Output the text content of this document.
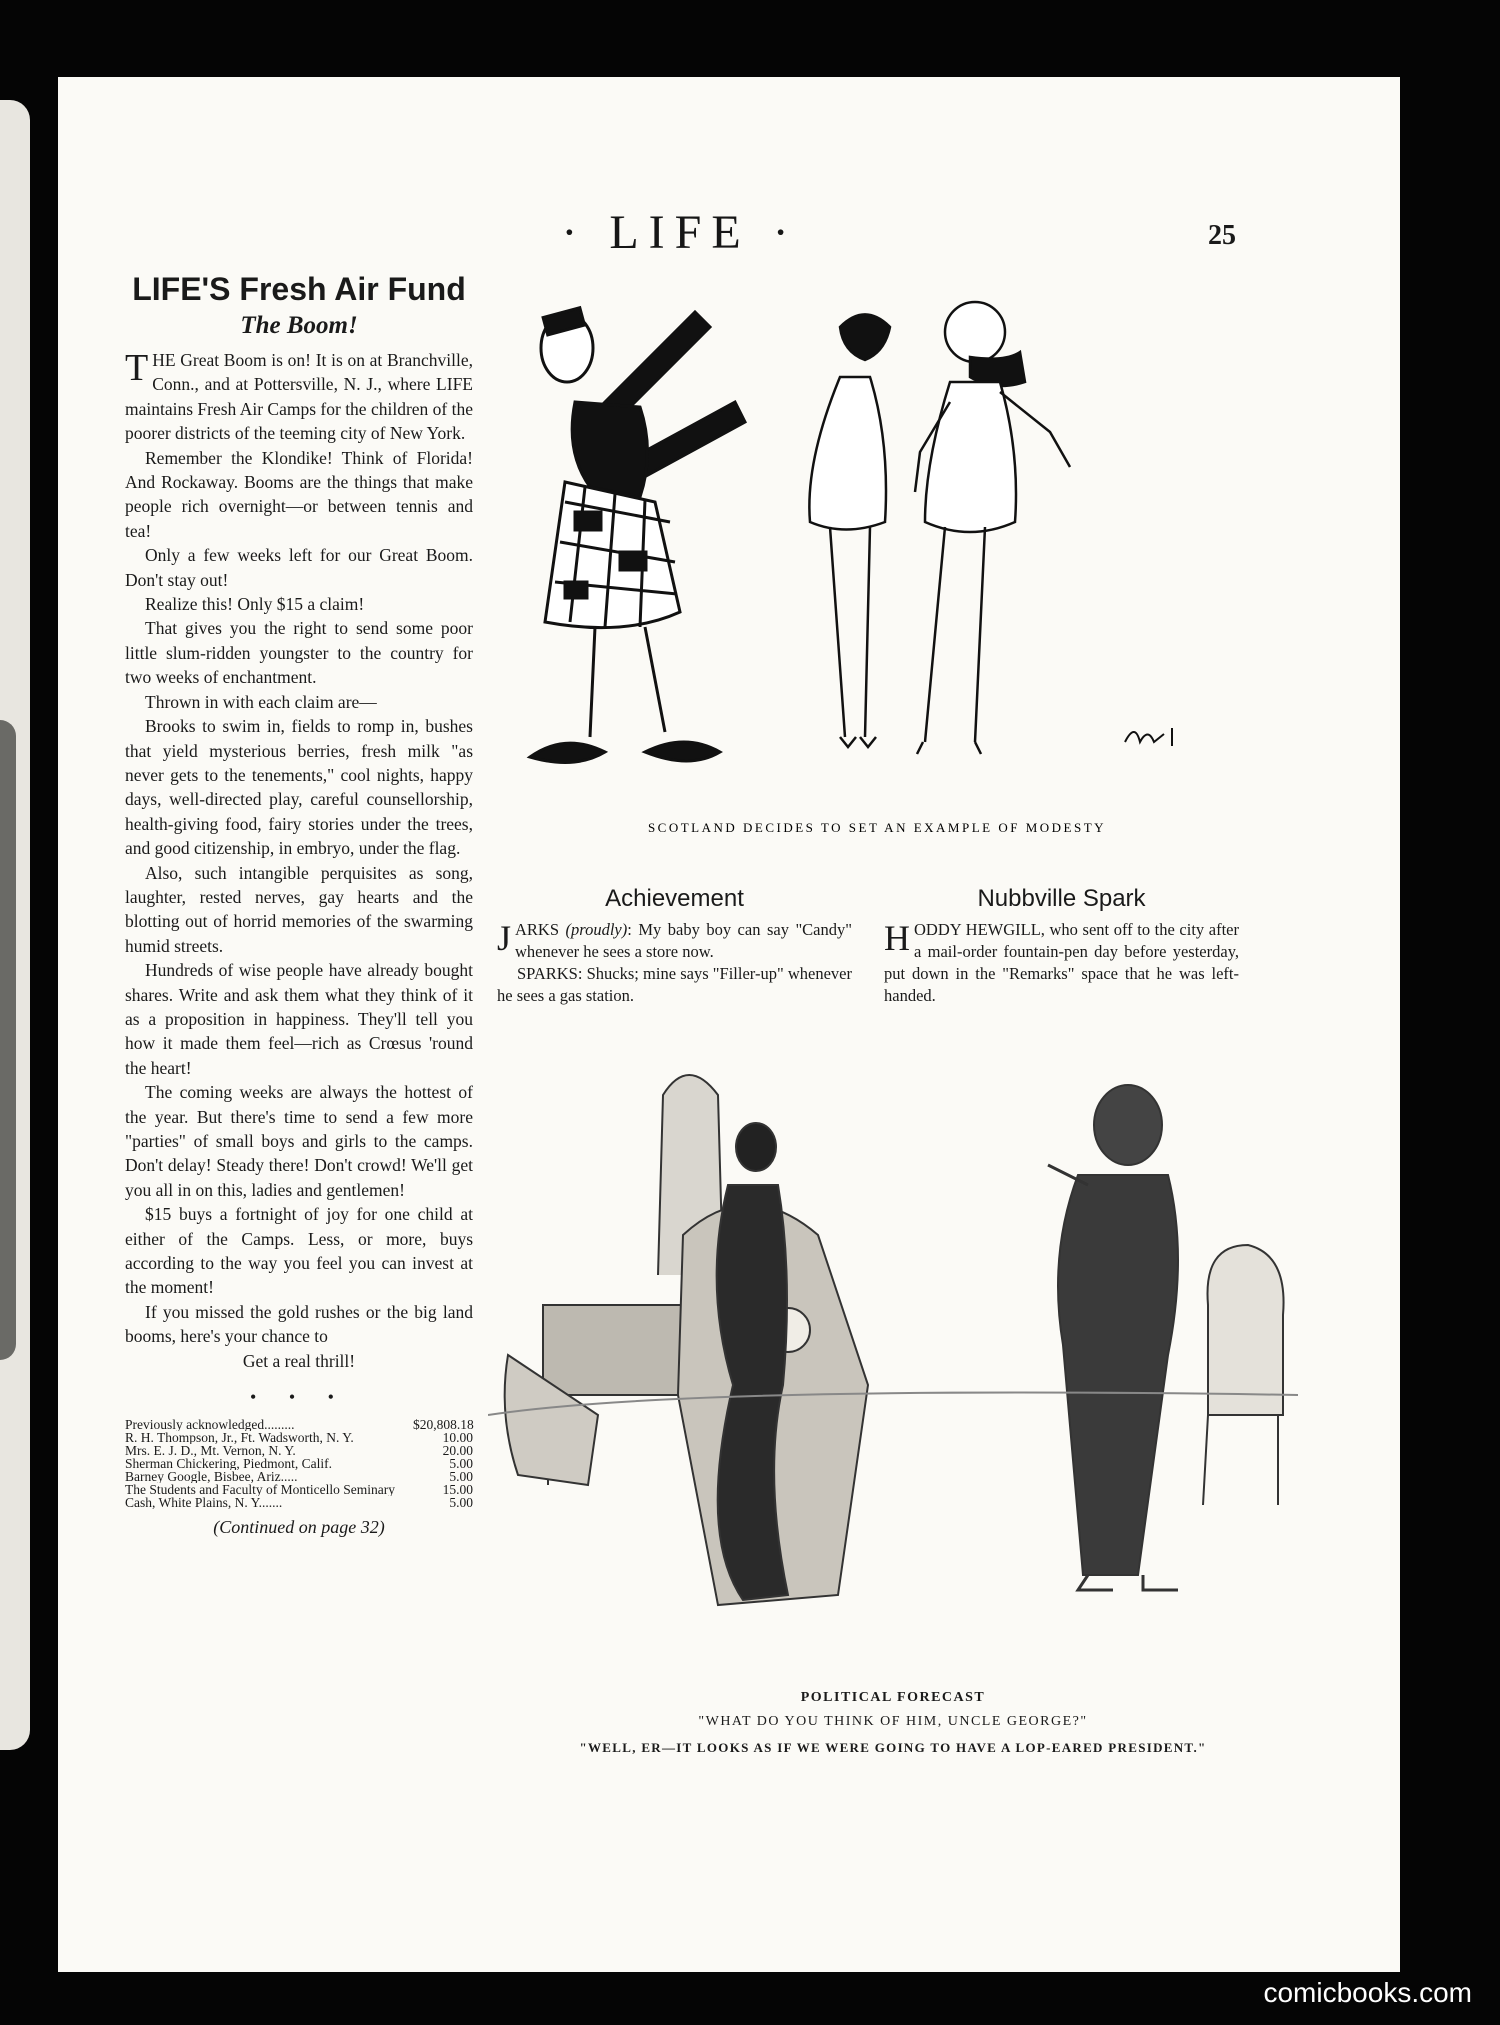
· LIFE ·	25
LIFE'S Fresh Air Fund
The Boom!

THE Great Boom is on! It is on at Branchville, Conn., and at Pottersville, N. J., where LIFE maintains Fresh Air Camps for the children of the poorer districts of the teeming city of New York.

Remember the Klondike! Think of Florida! And Rockaway. Booms are the things that make people rich overnight—or between tennis and tea!

Only a few weeks left for our Great Boom. Don't stay out!

Realize this! Only $15 a claim!

That gives you the right to send some poor little slum-ridden youngster to the country for two weeks of enchantment.

Thrown in with each claim are—

Brooks to swim in, fields to romp in, bushes that yield mysterious berries, fresh milk "as never gets to the tenements," cool nights, happy days, well-directed play, careful counsellorship, health-giving food, fairy stories under the trees, and good citizenship, in embryo, under the flag.

Also, such intangible perquisites as song, laughter, rested nerves, gay hearts and the blotting out of horrid memories of the swarming humid streets.

Hundreds of wise people have already bought shares. Write and ask them what they think of it as a proposition in happiness. They'll tell you how it made them feel—rich as Crœsus 'round the heart!

The coming weeks are always the hottest of the year. But there's time to send a few more "parties" of small boys and girls to the camps. Don't delay! Steady there! Don't crowd! We'll get you all in on this, ladies and gentlemen!

$15 buys a fortnight of joy for one child at either of the Camps. Less, or more, buys according to the way you feel you can invest at the moment!

If you missed the gold rushes or the big land booms, here's your chance to

Get a real thrill!

• • •
Previously acknowledged.........	$20,808.18
R. H. Thompson, Jr., Ft. Wadsworth, N. Y.	10.00
Mrs. E. J. D., Mt. Vernon, N. Y.	20.00
Sherman Chickering, Piedmont, Calif.	5.00
Barney Google, Bisbee, Ariz.....	5.00
The Students and Faculty of Monticello Seminary	15.00
Cash, White Plains, N. Y.......	5.00
(Continued on page 32)
SCOTLAND DECIDES TO SET AN EXAMPLE OF MODESTY
Achievement

JARKS (proudly): My baby boy can say "Candy" whenever he sees a store now.

SPARKS: Shucks; mine says "Filler-up" whenever he sees a gas station.

Nubbville Spark

HODDY HEWGILL, who sent off to the city after a mail-order fountain-pen day before yesterday, put down in the "Remarks" space that he was left-handed.

POLITICAL FORECAST
"WHAT DO YOU THINK OF HIM, UNCLE GEORGE?"
"WELL, ER—IT LOOKS AS IF WE WERE GOING TO HAVE A LOP-EARED PRESIDENT."
comicbooks.com
